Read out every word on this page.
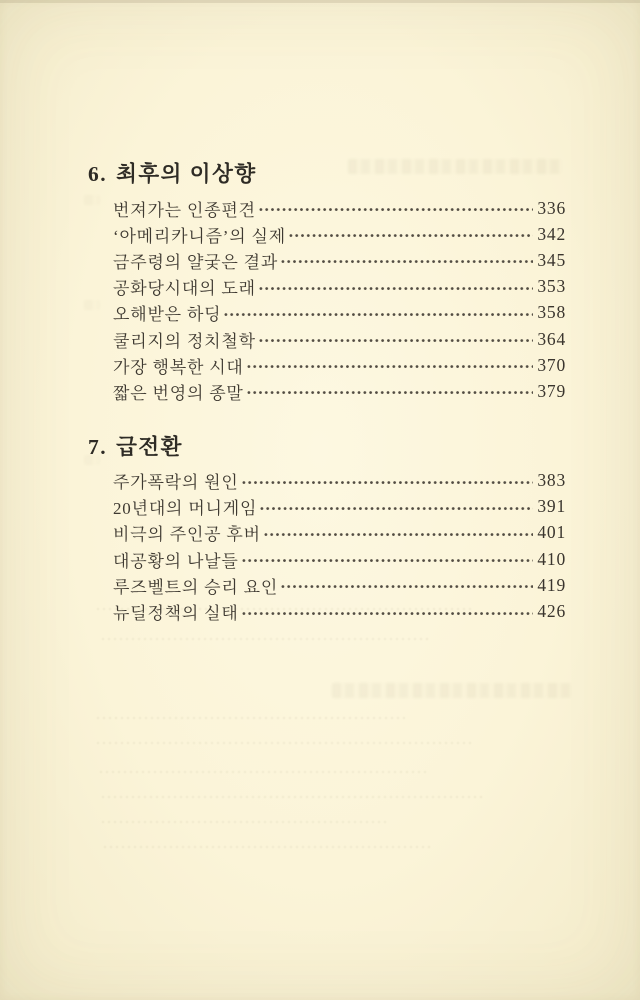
6. 최후의 이상향
번져가는 인종편견	336
‘아메리카니즘’의 실제	342
금주령의 얄궂은 결과	345
공화당시대의 도래	353
오해받은 하딩	358
쿨리지의 정치철학	364
가장 행복한 시대	370
짧은 번영의 종말	379
7. 급전환
주가폭락의 원인	383
20년대의 머니게임	391
비극의 주인공 후버	401
대공황의 나날들	410
루즈벨트의 승리 요인	419
뉴딜정책의 실태	426
